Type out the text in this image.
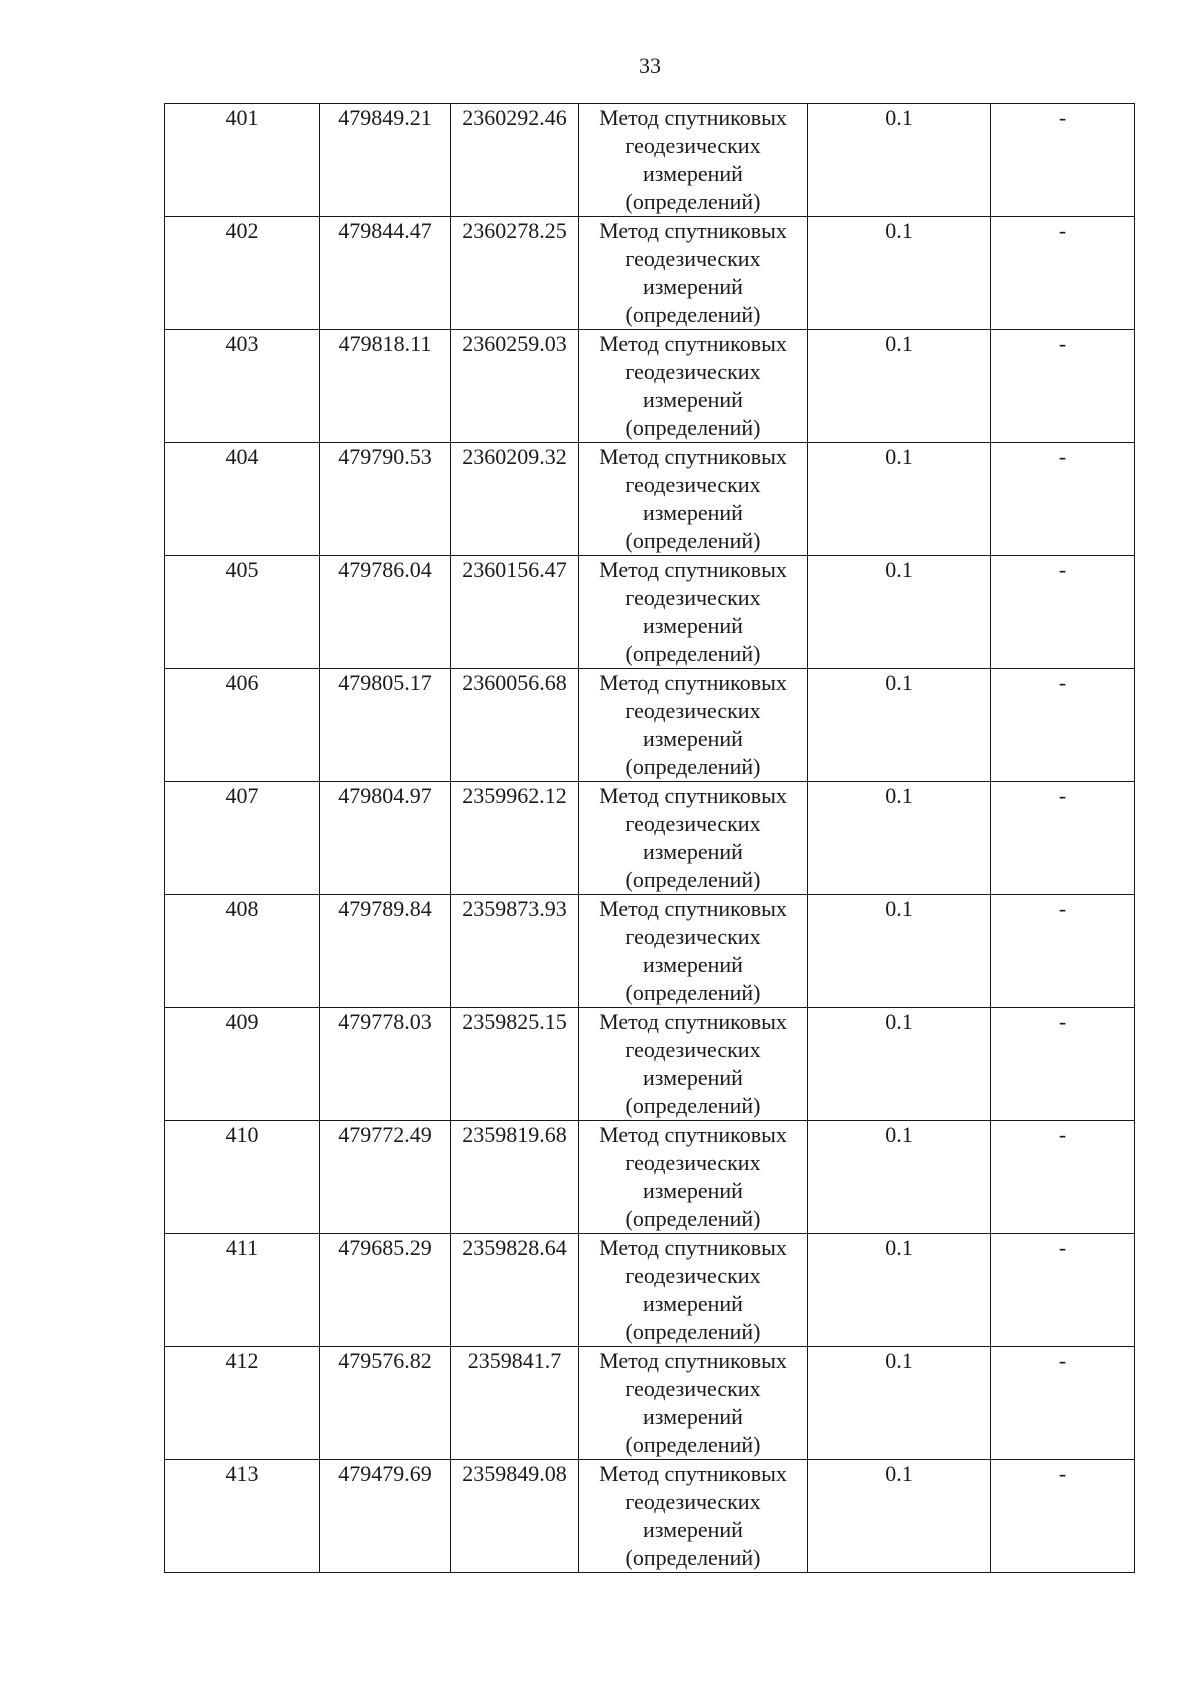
33
401	479849.21	2360292.46	Метод спутниковых
геодезических
измерений
(определений)	0.1	-
402	479844.47	2360278.25	Метод спутниковых
геодезических
измерений
(определений)	0.1	-
403	479818.11	2360259.03	Метод спутниковых
геодезических
измерений
(определений)	0.1	-
404	479790.53	2360209.32	Метод спутниковых
геодезических
измерений
(определений)	0.1	-
405	479786.04	2360156.47	Метод спутниковых
геодезических
измерений
(определений)	0.1	-
406	479805.17	2360056.68	Метод спутниковых
геодезических
измерений
(определений)	0.1	-
407	479804.97	2359962.12	Метод спутниковых
геодезических
измерений
(определений)	0.1	-
408	479789.84	2359873.93	Метод спутниковых
геодезических
измерений
(определений)	0.1	-
409	479778.03	2359825.15	Метод спутниковых
геодезических
измерений
(определений)	0.1	-
410	479772.49	2359819.68	Метод спутниковых
геодезических
измерений
(определений)	0.1	-
411	479685.29	2359828.64	Метод спутниковых
геодезических
измерений
(определений)	0.1	-
412	479576.82	2359841.7	Метод спутниковых
геодезических
измерений
(определений)	0.1	-
413	479479.69	2359849.08	Метод спутниковых
геодезических
измерений
(определений)	0.1	-
